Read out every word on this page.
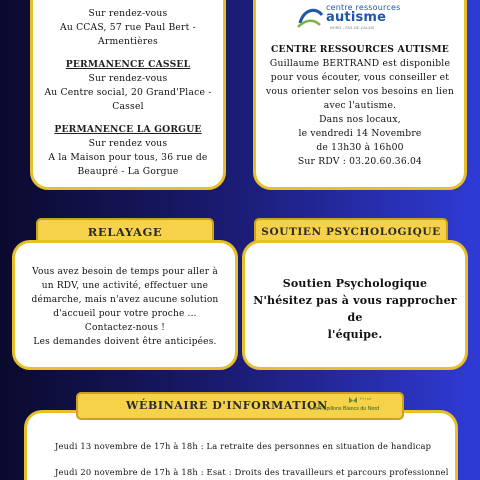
Sur rendez-vous
Au CCAS, 57 rue Paul Bert - Armentières
PERMANENCE CASSEL
Sur rendez-vous
Au Centre social, 20 Grand'Place -
Cassel
PERMANENCE LA GORGUE
Sur rendez vous
A la Maison pour tous, 36 rue de
Beaupré - La Gorgue
centre ressources
autisme
NORD - PAS-DE-CALAIS
CENTRE RESSOURCES AUTISME
Guillaume BERTRAND est disponible
pour vous écouter, vous conseiller et
vous orienter selon vos besoins en lien
avec l'autisme.
Dans nos locaux,
le vendredi 14 Novembre
de 13h30 à 16h00
Sur RDV : 03.20.60.36.04
RELAYAGE
Vous avez besoin de temps pour aller à
un RDV, une activité, effectuer une
démarche, mais n'avez aucune solution
d'accueil pour votre proche ...
Contactez-nous !
Les demandes doivent être anticipées.
SOUTIEN PSYCHOLOGIQUE
Soutien Psychologique
N'hésitez pas à vous rapprocher de
l'équipe.
Jeudi 13 novembre de 17h à 18h : La retraite des personnes en situation de handicap
Jeudi 20 novembre de 17h à 18h : Esat : Droits des travailleurs et parcours professionnel
WÉBINAIRE D'INFORMATION
Prisé
Les Papillons Blancs du Nord
